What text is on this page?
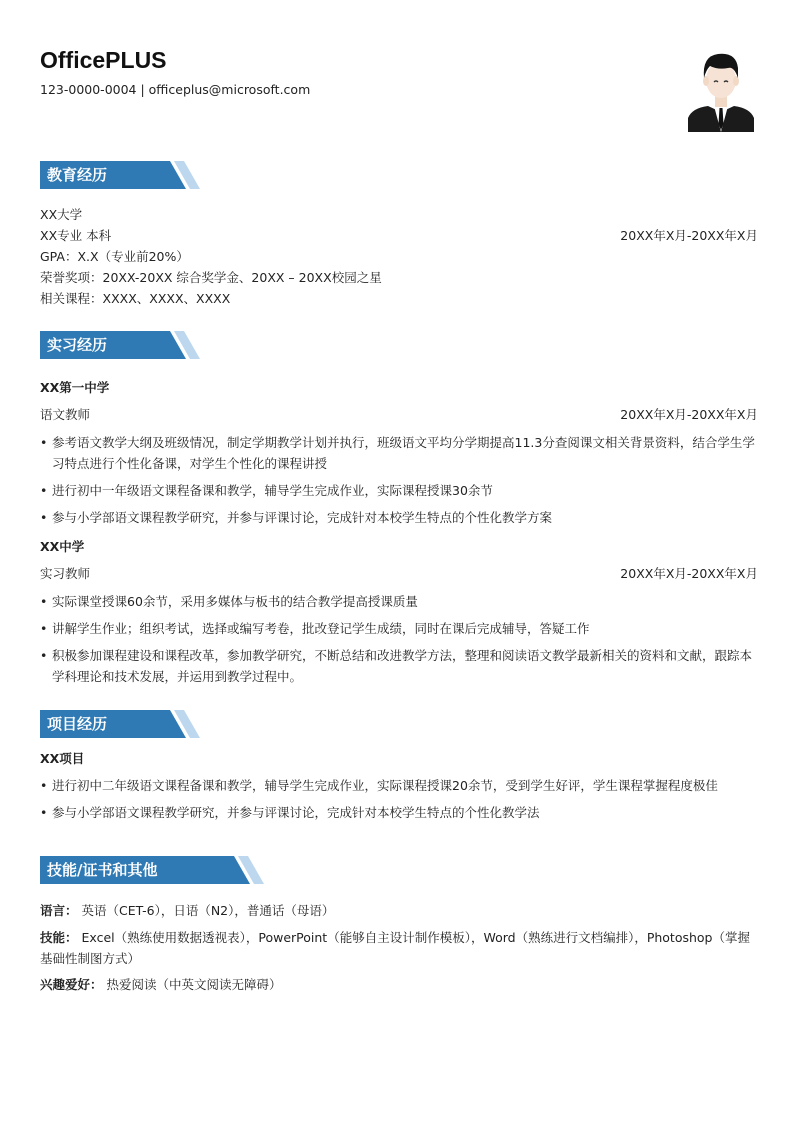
OfficePLUS
123-0000-0004 | officeplus@microsoft.com
教育经历
XX大学
XX专业 本科	20XX年X月-20XX年X月
GPA：X.X（专业前20%）
荣誉奖项：20XX-20XX 综合奖学金、20XX – 20XX校园之星
相关课程：XXXX、XXXX、XXXX
实习经历
XX第一中学
语文教师	20XX年X月-20XX年X月
• 参考语文教学大纲及班级情况，制定学期教学计划并执行，班级语文平均分学期提高11.3分查阅课文相关背景资料，结合学生学习特点进行个性化备课，对学生个性化的课程讲授
• 进行初中一年级语文课程备课和教学，辅导学生完成作业，实际课程授课30余节
• 参与小学部语文课程教学研究，并参与评课讨论，完成针对本校学生特点的个性化教学方案
XX中学
实习教师	20XX年X月-20XX年X月
• 实际课堂授课60余节，采用多媒体与板书的结合教学提高授课质量
• 讲解学生作业；组织考试，选择或编写考卷，批改登记学生成绩，同时在课后完成辅导，答疑工作
• 积极参加课程建设和课程改革，参加教学研究，不断总结和改进教学方法，整理和阅读语文教学最新相关的资料和文献，跟踪本学科理论和技术发展，并运用到教学过程中。
项目经历
XX项目
• 进行初中二年级语文课程备课和教学，辅导学生完成作业，实际课程授课20余节，受到学生好评，学生课程掌握程度极佳
• 参与小学部语文课程教学研究，并参与评课讨论，完成针对本校学生特点的个性化教学法
技能/证书和其他
语言： 英语（CET-6），日语（N2），普通话（母语）
技能： Excel（熟练使用数据透视表），PowerPoint（能够自主设计制作模板），Word（熟练进行文档编排），Photoshop（掌握基础性制图方式）
兴趣爱好： 热爱阅读（中英文阅读无障碍）
